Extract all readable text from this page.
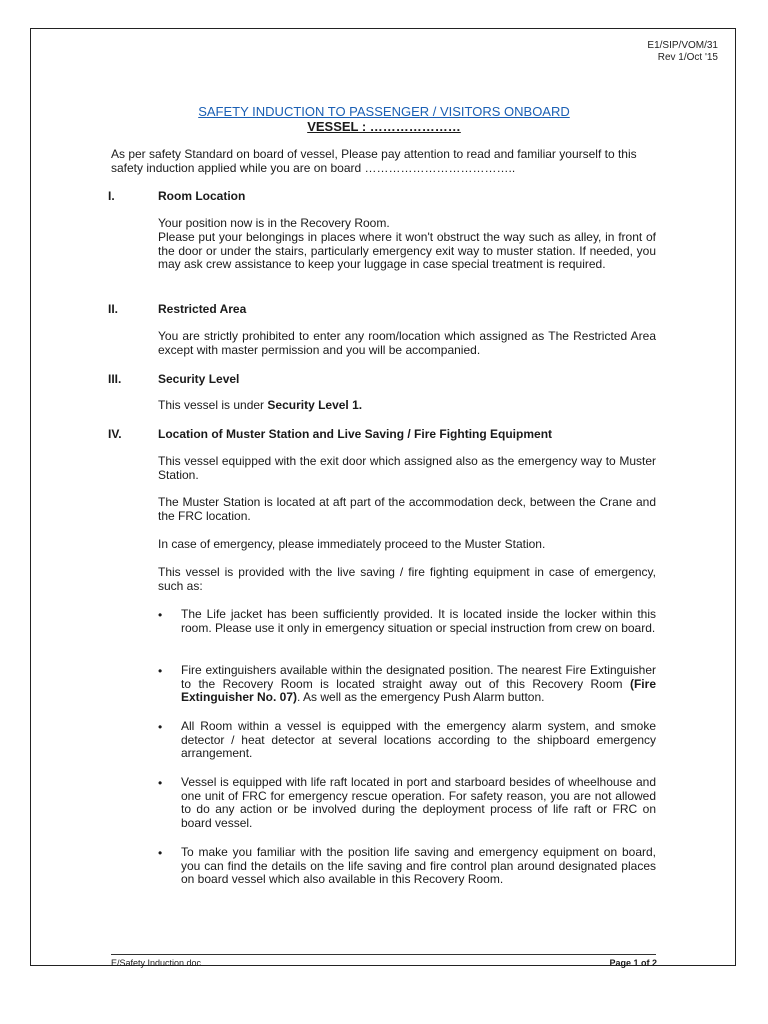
E1/SIP/VOM/31
Rev 1/Oct '15
SAFETY INDUCTION TO PASSENGER / VISITORS ONBOARD
VESSEL : …………………

As per safety Standard on board of vessel, Please pay attention to read and familiar yourself to this safety induction applied while you are on board ………………………………..

I.	Room Location

Your position now is in the Recovery Room.

Please put your belongings in places where it won't obstruct the way such as alley, in front of the door or under the stairs, particularly emergency exit way to muster station. If needed, you may ask crew assistance to keep your luggage in case special treatment is required.

II.	Restricted Area

You are strictly prohibited to enter any room/location which assigned as The Restricted Area except with master permission and you will be accompanied.

III.	Security Level

This vessel is under Security Level 1.

IV.	Location of Muster Station and Live Saving / Fire Fighting Equipment

This vessel equipped with the exit door which assigned also as the emergency way to Muster Station.

The Muster Station is located at aft part of the accommodation deck, between the Crane and the FRC location.

In case of emergency, please immediately proceed to the Muster Station.

This vessel is provided with the live saving / fire fighting equipment in case of emergency, such as:

• The Life jacket has been sufficiently provided. It is located inside the locker within this room. Please use it only in emergency situation or special instruction from crew on board.

• Fire extinguishers available within the designated position. The nearest Fire Extinguisher to the Recovery Room is located straight away out of this Recovery Room (Fire Extinguisher No. 07). As well as the emergency Push Alarm button.

• All Room within a vessel is equipped with the emergency alarm system, and smoke detector / heat detector at several locations according to the shipboard emergency arrangement.

• Vessel is equipped with life raft located in port and starboard besides of wheelhouse and one unit of FRC for emergency rescue operation. For safety reason, you are not allowed to do any action or be involved during the deployment process of life raft or FRC on board vessel.

• To make you familiar with the position life saving and emergency equipment on board, you can find the details on the life saving and fire control plan around designated places on board vessel which also available in this Recovery Room.

E/Safety Induction.doc	Page 1 of 2
